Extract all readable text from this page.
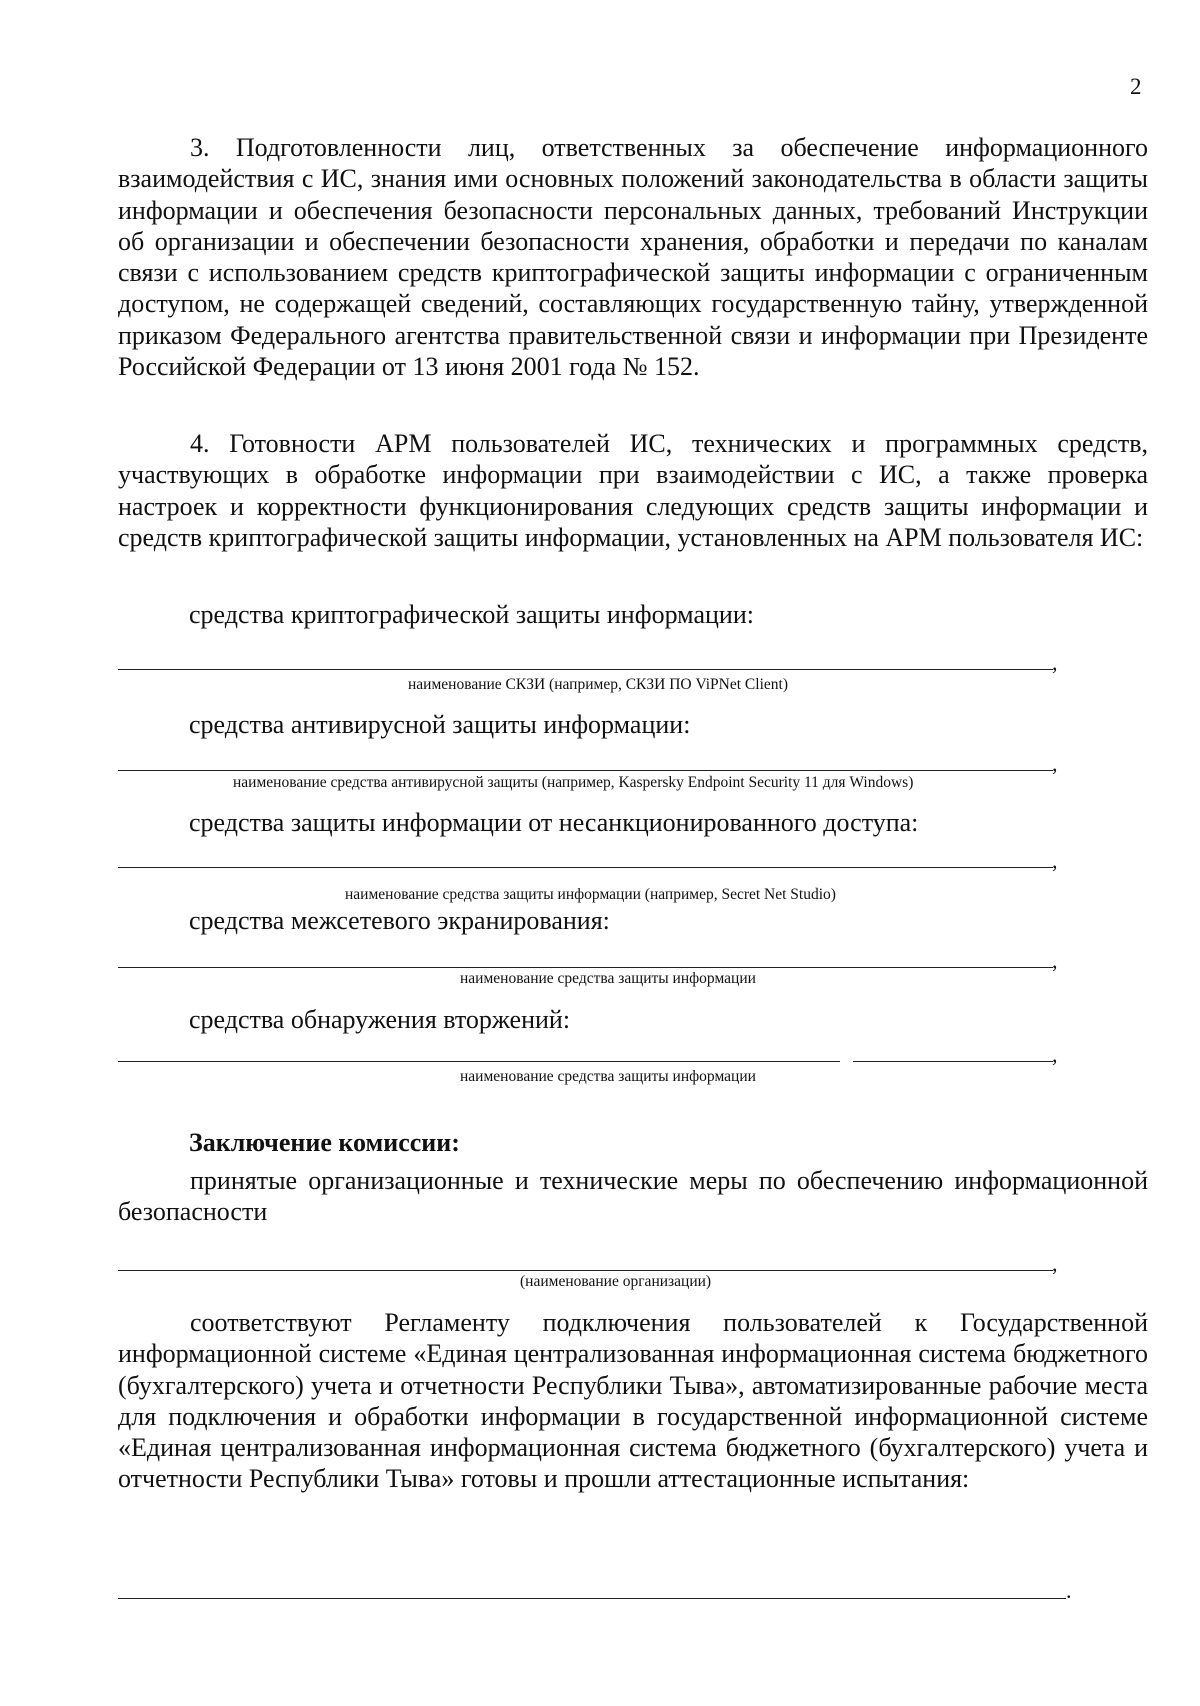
2

3. Подготовленности лиц, ответственных за обеспечение информационного взаимодействия с ИС, знания ими основных положений законодательства в области защиты информации и обеспечения безопасности персональных данных, требований Инструкции об организации и обеспечении безопасности хранения, обработки и передачи по каналам связи с использованием средств криптографической защиты информации с ограниченным доступом, не содержащей сведений, составляющих государственную тайну, утвержденной приказом Федерального агентства правительственной связи и информации при Президенте Российской Федерации от 13 июня 2001 года № 152.

4. Готовности АРМ пользователей ИС, технических и программных средств, участвующих в обработке информации при взаимодействии с ИС, а также проверка настроек и корректности функционирования следующих средств защиты информации и средств криптографической защиты информации, установленных на АРМ пользователя ИС:

средства криптографической защиты информации:

,
наименование СКЗИ (например, СКЗИ ПО ViPNet Client)

средства антивирусной защиты информации:

,
наименование средства антивирусной защиты (например, Kaspersky Endpoint Security 11 для Windows)

средства защиты информации от несанкционированного доступа:

,
наименование средства защиты информации (например, Secret Net Studio)

средства межсетевого экранирования:

,
наименование средства защиты информации

средства обнаружения вторжений:

,
наименование средства защиты информации

Заключение комиссии:

принятые организационные и технические меры по обеспечению информационной безопасности

,
(наименование организации)

соответствуют Регламенту подключения пользователей к Государственной информационной системе «Единая централизованная информационная система бюджетного (бухгалтерского) учета и отчетности Республики Тыва», автоматизированные рабочие места для подключения и обработки информации в государственной информационной системе «Единая централизованная информационная система бюджетного (бухгалтерского) учета и отчетности Республики Тыва» готовы и прошли аттестационные испытания:

.
